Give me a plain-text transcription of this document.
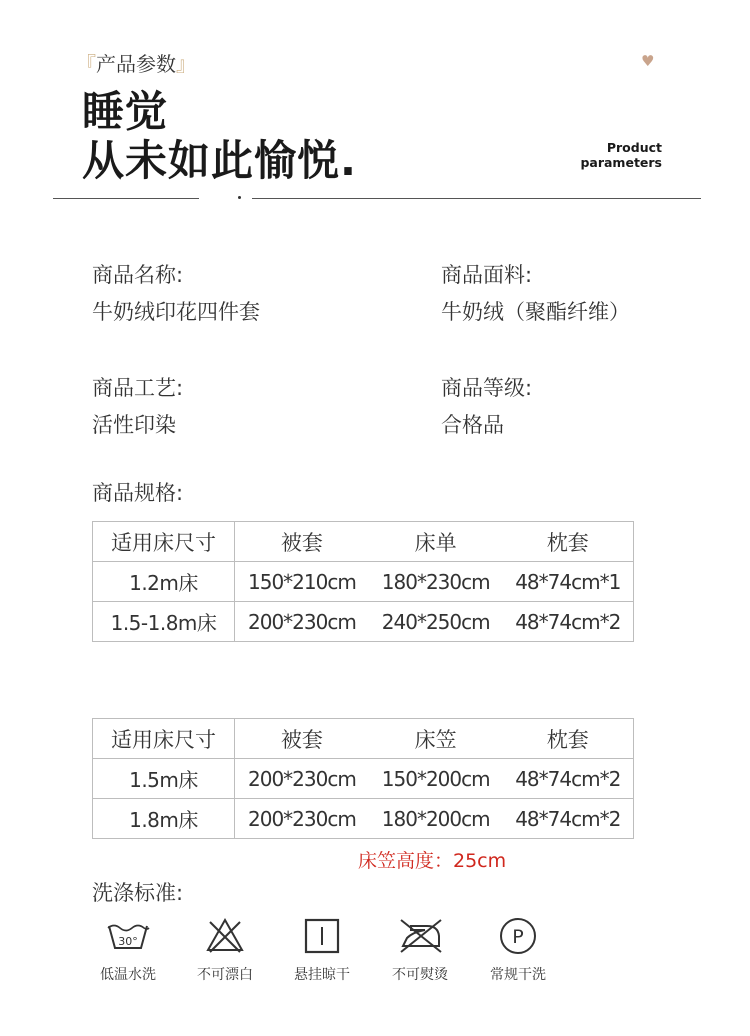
『产品参数』	♥
睡觉
从未如此愉悦.	Product
parameters
商品名称:
牛奶绒印花四件套
商品面料:
牛奶绒（聚酯纤维）
商品工艺:
活性印染
商品等级:
合格品
商品规格:
适用床尺寸	被套	床单	枕套
1.2m床	150*210cm	180*230cm	48*74cm*1
1.5-1.8m床	200*230cm	240*250cm	48*74cm*2
适用床尺寸	被套	床笠	枕套
1.5m床	200*230cm	150*200cm	48*74cm*2
1.8m床	200*230cm	180*200cm	48*74cm*2
床笠高度：25cm
洗涤标准:
30°
低温水洗	不可漂白	悬挂晾干	不可熨烫
P
常规干洗
